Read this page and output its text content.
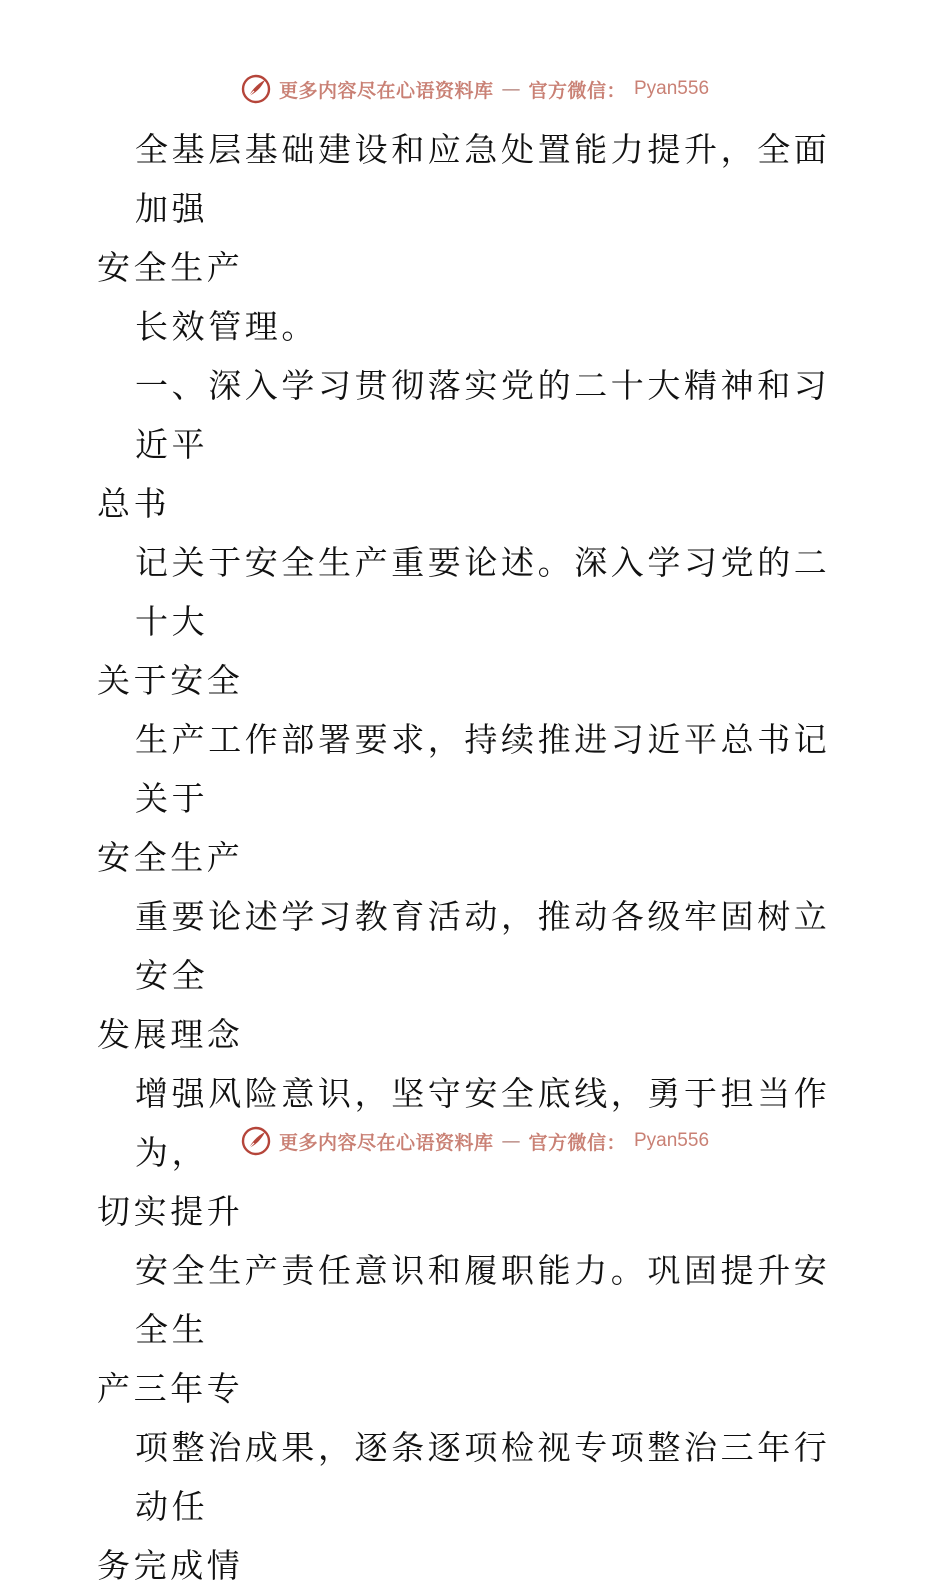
更多内容尽在心语资料库 — 官方微信： Pyan556

全基层基础建设和应急处置能力提升，全面加强
安全生产

长效管理。

一、深入学习贯彻落实党的二十大精神和习近平
总书

记关于安全生产重要论述。深入学习党的二十大
关于安全

生产工作部署要求，持续推进习近平总书记关于
安全生产

重要论述学习教育活动，推动各级牢固树立安全
发展理念

增强风险意识，坚守安全底线，勇于担当作为，
切实提升

安全生产责任意识和履职能力。巩固提升安全生
产三年专

项整治成果，逐条逐项检视专项整治三年行动任
务完成情

更多内容尽在心语资料库 — 官方微信： Pyan556
